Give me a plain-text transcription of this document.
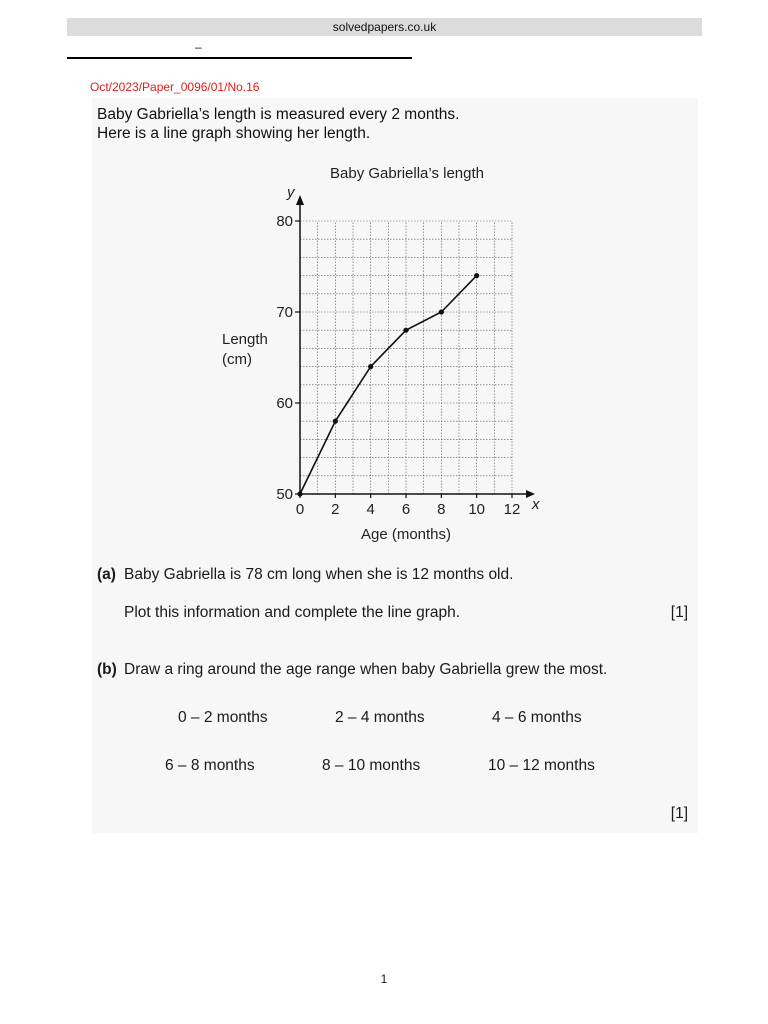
solvedpapers.co.uk
–
Oct/2023/Paper_0096/01/No.16
Baby Gabriella’s length is measured every 2 months.
Here is a line graph showing her length.
Baby Gabriella’s length
x
y
0 2 4 6 8 10 12
50
60
70
80
Length
(cm)
Age (months)
(a) Baby Gabriella is 78 cm long when she is 12 months old.
Plot this information and complete the line graph.	[1]
(b) Draw a ring around the age range when baby Gabriella grew the most.
0 – 2 months	2 – 4 months	4 – 6 months
6 – 8 months	8 – 10 months	10 – 12 months
[1]
1
